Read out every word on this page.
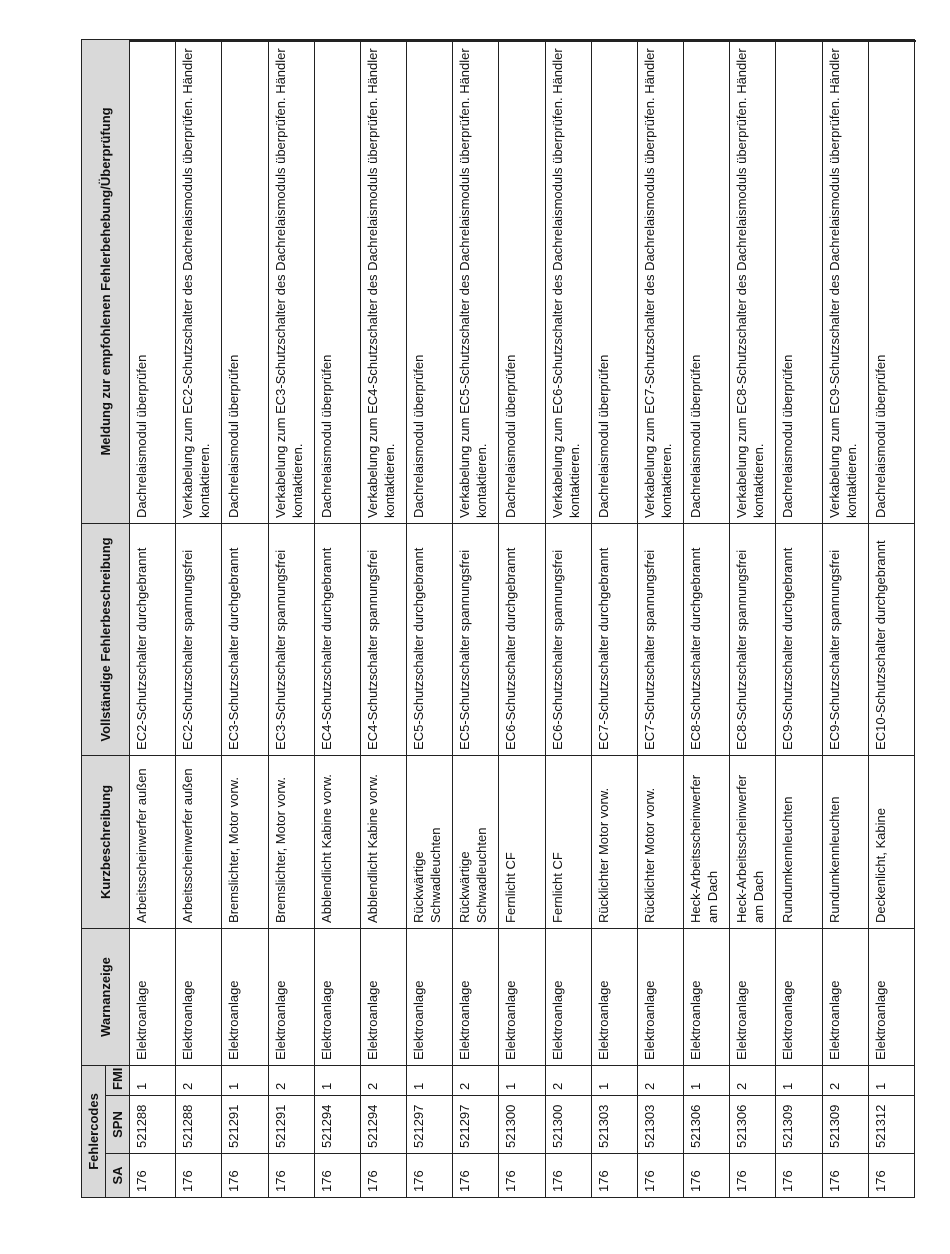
Fehlercodes			Warnanzeige	Kurzbeschreibung	Vollständige Fehlerbeschreibung	Meldung zur empfohlenen Fehlerbehebung/Überprüfung
SA	SPN	FMI				
176	521288	1	Elektroanlage	Arbeitsscheinwerfer außen	EC2-Schutzschalter durchgebrannt	Dachrelaismodul überprüfen
176	521288	2	Elektroanlage	Arbeitsscheinwerfer außen	EC2-Schutzschalter spannungsfrei	Verkabelung zum EC2-Schutzschalter des Dachrelaismoduls überprüfen. Händler kontaktieren.
176	521291	1	Elektroanlage	Bremslichter, Motor vorw.	EC3-Schutzschalter durchgebrannt	Dachrelaismodul überprüfen
176	521291	2	Elektroanlage	Bremslichter, Motor vorw.	EC3-Schutzschalter spannungsfrei	Verkabelung zum EC3-Schutzschalter des Dachrelaismoduls überprüfen. Händler kontaktieren.
176	521294	1	Elektroanlage	Abblendlicht Kabine vorw.	EC4-Schutzschalter durchgebrannt	Dachrelaismodul überprüfen
176	521294	2	Elektroanlage	Abblendlicht Kabine vorw.	EC4-Schutzschalter spannungsfrei	Verkabelung zum EC4-Schutzschalter des Dachrelaismoduls überprüfen. Händler kontaktieren.
176	521297	1	Elektroanlage	Rückwärtige Schwadleuchten	EC5-Schutzschalter durchgebrannt	Dachrelaismodul überprüfen
176	521297	2	Elektroanlage	Rückwärtige Schwadleuchten	EC5-Schutzschalter spannungsfrei	Verkabelung zum EC5-Schutzschalter des Dachrelaismoduls überprüfen. Händler kontaktieren.
176	521300	1	Elektroanlage	Fernlicht CF	EC6-Schutzschalter durchgebrannt	Dachrelaismodul überprüfen
176	521300	2	Elektroanlage	Fernlicht CF	EC6-Schutzschalter spannungsfrei	Verkabelung zum EC6-Schutzschalter des Dachrelaismoduls überprüfen. Händler kontaktieren.
176	521303	1	Elektroanlage	Rücklichter Motor vorw.	EC7-Schutzschalter durchgebrannt	Dachrelaismodul überprüfen
176	521303	2	Elektroanlage	Rücklichter Motor vorw.	EC7-Schutzschalter spannungsfrei	Verkabelung zum EC7-Schutzschalter des Dachrelaismoduls überprüfen. Händler kontaktieren.
176	521306	1	Elektroanlage	Heck-Arbeitsscheinwerfer am Dach	EC8-Schutzschalter durchgebrannt	Dachrelaismodul überprüfen
176	521306	2	Elektroanlage	Heck-Arbeitsscheinwerfer am Dach	EC8-Schutzschalter spannungsfrei	Verkabelung zum EC8-Schutzschalter des Dachrelaismoduls überprüfen. Händler kontaktieren.
176	521309	1	Elektroanlage	Rundumkennleuchten	EC9-Schutzschalter durchgebrannt	Dachrelaismodul überprüfen
176	521309	2	Elektroanlage	Rundumkennleuchten	EC9-Schutzschalter spannungsfrei	Verkabelung zum EC9-Schutzschalter des Dachrelaismoduls überprüfen. Händler kontaktieren.
176	521312	1	Elektroanlage	Deckenlicht, Kabine	EC10-Schutzschalter durchgebrannt	Dachrelaismodul überprüfen
